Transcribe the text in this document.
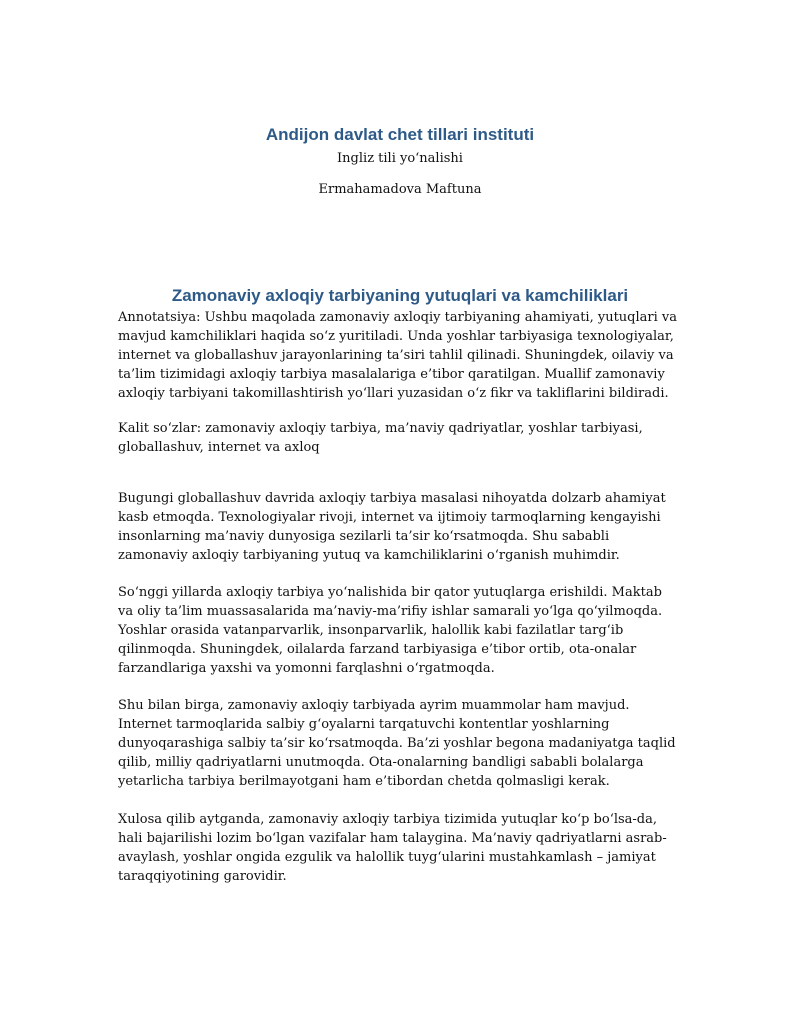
Andijon davlat chet tillari instituti

Ingliz tili yo‘nalishi

Ermahamadova Maftuna

Zamonaviy axloqiy tarbiyaning yutuqlari va kamchiliklari

Annotatsiya: Ushbu maqolada zamonaviy axloqiy tarbiyaning ahamiyati, yutuqlari va mavjud kamchiliklari haqida so‘z yuritiladi. Unda yoshlar tarbiyasiga texnologiyalar, internet va globallashuv jarayonlarining ta’siri tahlil qilinadi. Shuningdek, oilaviy va ta’lim tizimidagi axloqiy tarbiya masalalariga e’tibor qaratilgan. Muallif zamonaviy axloqiy tarbiyani takomillashtirish yo‘llari yuzasidan o‘z fikr va takliflarini bildiradi.

Kalit so‘zlar: zamonaviy axloqiy tarbiya, ma’naviy qadriyatlar, yoshlar tarbiyasi, globallashuv, internet va axloq

Bugungi globallashuv davrida axloqiy tarbiya masalasi nihoyatda dolzarb ahamiyat kasb etmoqda. Texnologiyalar rivoji, internet va ijtimoiy tarmoqlarning kengayishi insonlarning ma’naviy dunyosiga sezilarli ta’sir ko‘rsatmoqda. Shu sababli zamonaviy axloqiy tarbiyaning yutuq va kamchiliklarini o‘rganish muhimdir.

So‘nggi yillarda axloqiy tarbiya yo‘nalishida bir qator yutuqlarga erishildi. Maktab va oliy ta’lim muassasalarida ma’naviy-ma’rifiy ishlar samarali yo‘lga qo‘yilmoqda. Yoshlar orasida vatanparvarlik, insonparvarlik, halollik kabi fazilatlar targ‘ib qilinmoqda. Shuningdek, oilalarda farzand tarbiyasiga e’tibor ortib, ota-onalar farzandlariga yaxshi va yomonni farqlashni o‘rgatmoqda.

Shu bilan birga, zamonaviy axloqiy tarbiyada ayrim muammolar ham mavjud. Internet tarmoqlarida salbiy g‘oyalarni tarqatuvchi kontentlar yoshlarning dunyoqarashiga salbiy ta’sir ko‘rsatmoqda. Ba’zi yoshlar begona madaniyatga taqlid qilib, milliy qadriyatlarni unutmoqda. Ota-onalarning bandligi sababli bolalarga yetarlicha tarbiya berilmayotgani ham e’tibordan chetda qolmasligi kerak.

Xulosa qilib aytganda, zamonaviy axloqiy tarbiya tizimida yutuqlar ko‘p bo‘lsa-da, hali bajarilishi lozim bo‘lgan vazifalar ham talaygina. Ma’naviy qadriyatlarni asrab-avaylash, yoshlar ongida ezgulik va halollik tuyg‘ularini mustahkamlash – jamiyat taraqqiyotining garovidir.
